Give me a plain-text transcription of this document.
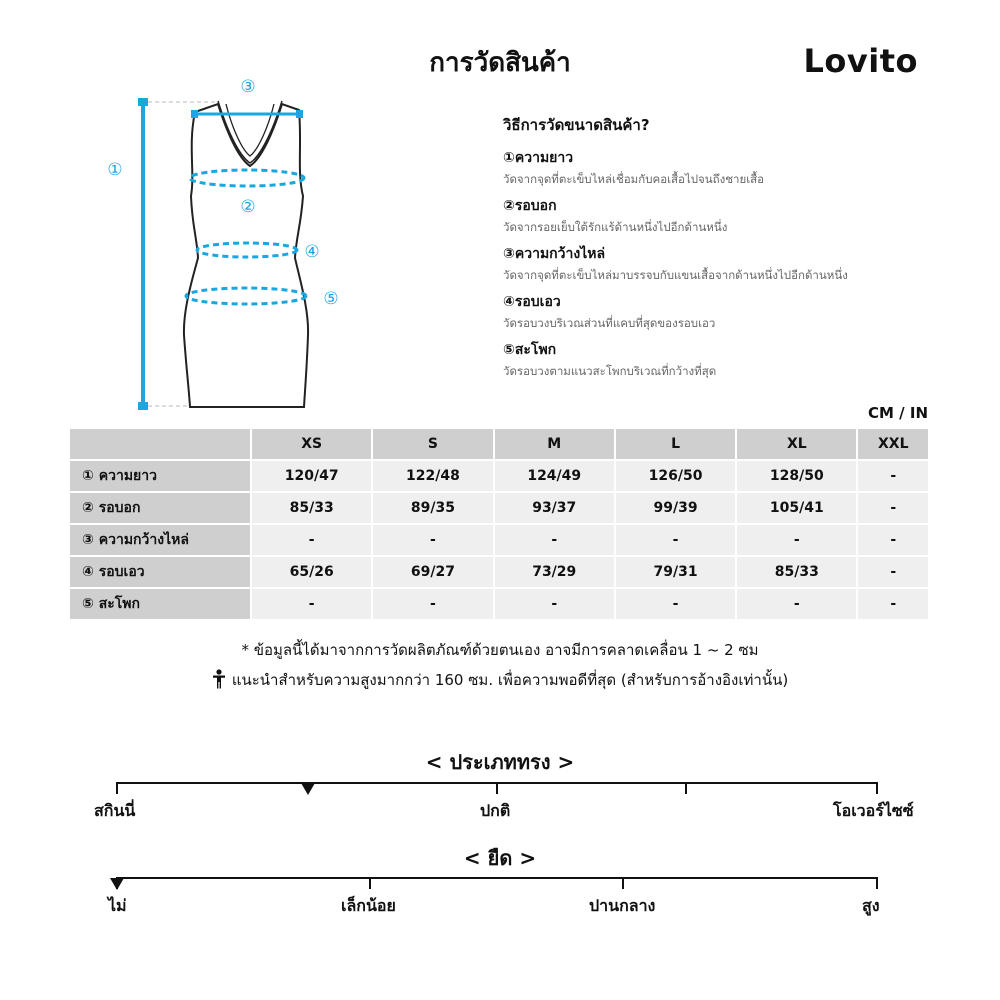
การวัดสินค้า	Lovito
①
②
③
④
⑤
วิธีการวัดขนาดสินค้า?
①ความยาว
วัดจากจุดที่ตะเข็บไหล่เชื่อมกับคอเสื้อไปจนถึงชายเสื้อ
②รอบอก
วัดจากรอยเย็บใต้รักแร้ด้านหนึ่งไปอีกด้านหนึ่ง
③ความกว้างไหล่
วัดจากจุดที่ตะเข็บไหล่มาบรรจบกับแขนเสื้อจากด้านหนึ่งไปอีกด้านหนึ่ง
④รอบเอว
วัดรอบวงบริเวณส่วนที่แคบที่สุดของรอบเอว
⑤สะโพก
วัดรอบวงตามแนวสะโพกบริเวณที่กว้างที่สุด
CM / IN
	XS	S	M	L	XL	XXL
① ความยาว	120/47	122/48	124/49	126/50	128/50	-
② รอบอก	85/33	89/35	93/37	99/39	105/41	-
③ ความกว้างไหล่	-	-	-	-	-	-
④ รอบเอว	65/26	69/27	73/29	79/31	85/33	-
⑤ สะโพก	-	-	-	-	-	-
* ข้อมูลนี้ได้มาจากการวัดผลิตภัณฑ์ด้วยตนเอง อาจมีการคลาดเคลื่อน 1 ~ 2 ซม
แนะนำสำหรับความสูงมากกว่า 160 ซม. เพื่อความพอดีที่สุด (สำหรับการอ้างอิงเท่านั้น)
< ประเภททรง >
สกินนี่	ปกติ	โอเวอร์ไซซ์
< ยืด >
ไม่	เล็กน้อย	ปานกลาง	สูง
